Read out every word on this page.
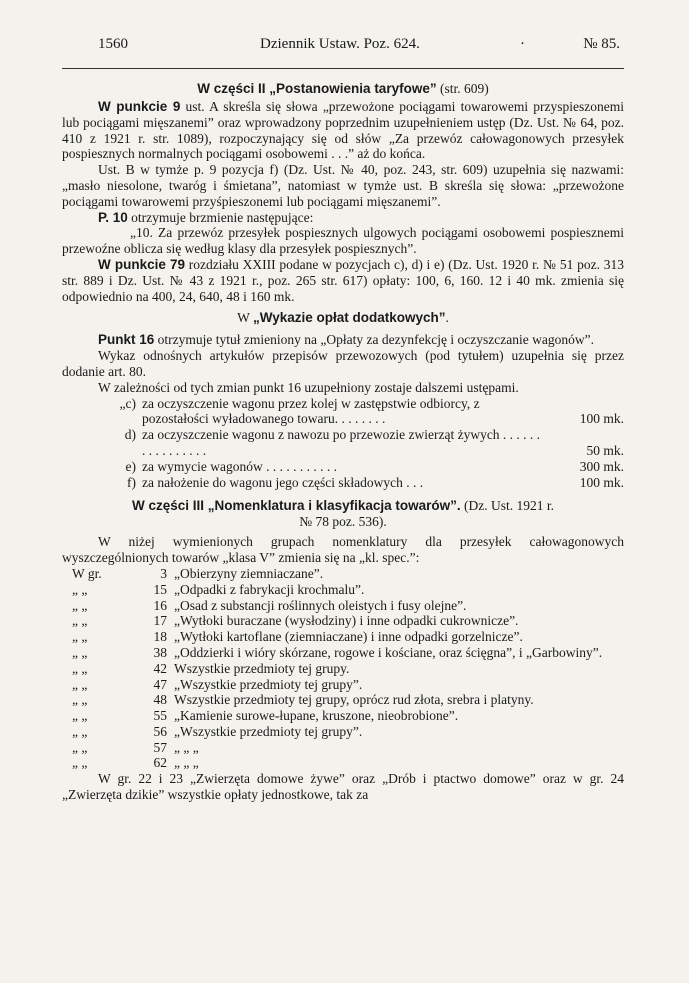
1560	Dziennik Ustaw. Poz. 624.	·	№ 85.
W części II „Postanowienia taryfowe” (str. 609)

W punkcie 9 ust. A skreśla się słowa „przewożone pociągami towarowemi przyspieszonemi lub pociągami mięszanemi” oraz wprowadzony poprzednim uzupełnieniem ustęp (Dz. Ust. № 64, poz. 410 z 1921 r. str. 1089), rozpoczynający się od słów „Za przewóz całowagonowych przesyłek pospiesznych normalnych pociągami osobowemi . . .” aż do końca.

Ust. B w tymże p. 9 pozycja f) (Dz. Ust. № 40, poz. 243, str. 609) uzupełnia się nazwami: „masło niesolone, twaróg i śmietana”, natomiast w tymże ust. B skreśla się słowa: „przewożone pociągami towarowemi przyśpieszonemi lub pociągami mięszanemi”.

P. 10 otrzymuje brzmienie następujące:

„10. Za przewóz przesyłek pospiesznych ulgowych pociągami osobowemi pospiesznemi przewoźne oblicza się według klasy dla przesyłek pospiesznych”.

W punkcie 79 rozdziału XXIII podane w pozycjach c), d) i e) (Dz. Ust. 1920 r. № 51 poz. 313 str. 889 i Dz. Ust. № 43 z 1921 r., poz. 265 str. 617) opłaty: 100, 6, 160. 12 i 40 mk. zmienia się odpowiednio na 400, 24, 640, 48 i 160 mk.

W „Wykazie opłat dodatkowych”.

Punkt 16 otrzymuje tytuł zmieniony na „Opłaty za dezynfekcję i oczyszczanie wagonów”.

Wykaz odnośnych artykułów przepisów przewozowych (pod tytułem) uzupełnia się przez dodanie art. 80.

W zależności od tych zmian punkt 16 uzupełniony zostaje dalszemi ustępami.

„c) za oczyszczenie wagonu przez kolej w zastępstwie odbiorcy, z pozostałości wyładowanego towaru. . . . . . . .	100 mk.
d) za oczyszczenie wagonu z nawozu po przewozie zwierząt żywych . . . . . . . . . . . . . . . .	50 mk.
e) za wymycie wagonów . . . . . . . . . . .	300 mk.
f) za nałożenie do wagonu jego części składowych . . .	100 mk.
W części III „Nomenklatura i klasyfikacja towarów”. (Dz. Ust. 1921 r.
№ 78 poz. 536).

W niżej wymienionych grupach nomenklatury dla przesyłek całowagonowych wyszczególnionych towarów „klasa V” zmienia się na „kl. spec.”:

W gr.	3 „Obierzyny ziemniaczane”.
„ „	15 „Odpadki z fabrykacji krochmalu”.
„ „	16 „Osad z substancji roślinnych oleistych i fusy olejne”.
„ „	17 „Wytłoki buraczane (wysłodziny) i inne odpadki cukrownicze”.
„ „	18 „Wytłoki kartoflane (ziemniaczane) i inne odpadki gorzelnicze”.
„ „	38 „Oddzierki i wióry skórzane, rogowe i kościane, oraz ścięgna”, i „Garbowiny”.
„ „	42 Wszystkie przedmioty tej grupy.
„ „	47 „Wszystkie przedmioty tej grupy”.
„ „	48 Wszystkie przedmioty tej grupy, oprócz rud złota, srebra i platyny.
„ „	55 „Kamienie surowe-łupane, kruszone, nieobrobione”.
„ „	56 „Wszystkie przedmioty tej grupy”.
„ „	57 „ „ „
„ „	62 „ „ „

W gr. 22 i 23 „Zwierzęta domowe żywe” oraz „Drób i ptactwo domowe” oraz w gr. 24 „Zwierzęta dzikie” wszystkie opłaty jednostkowe, tak za
